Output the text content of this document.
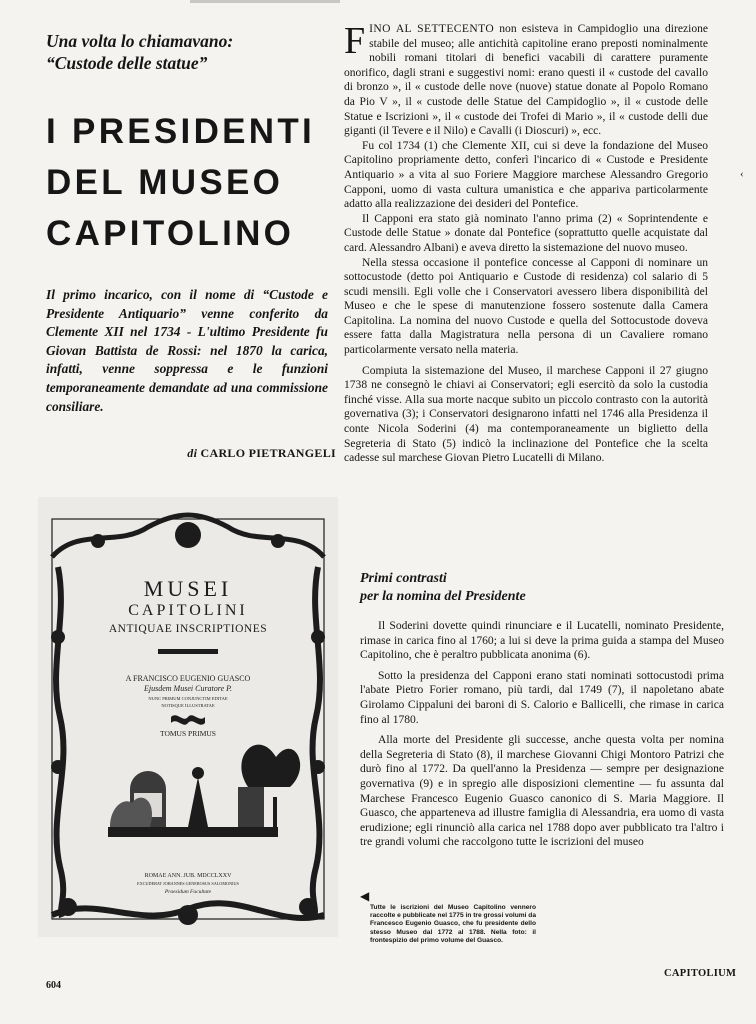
Una volta lo chiamavano:
“Custode delle statue”
I PRESIDENTI
DEL MUSEO
CAPITOLINO
Il primo incarico, con il nome di “Custode e Presidente Antiquario” venne conferito da Clemente XII nel 1734 - L'ultimo Presidente fu Giovan Battista de Rossi: nel 1870 la carica, infatti, venne soppressa e le funzioni temporaneamente demandate ad una commissione consiliare.
di CARLO PIETRANGELI
MUSEI
CAPITOLINI
ANTIQUAE INSCRIPTIONES
A FRANCISCO EUGENIO GUASCO
Ejusdem Musei Curatore P.
NUNC PRIMUM CONJUNCTIM EDITAE
NOTISQUE ILLUSTRATAE
TOMUS PRIMUS
ROMAE ANN. JUB. MDCCLXXV
EXCUDEBAT JOHANNES GENEROSUS SALOMONIUS
Praesidum Facultate	◀
Tutte le iscrizioni del Museo Capitolino vennero raccolte e pubblicate nel 1775 in tre grossi volumi da Francesco Eugenio Guasco, che fu presidente dello stesso Museo dal 1772 al 1788. Nella foto: il frontespizio del primo volume del Guasco.

FINO AL SETTECENTO non esisteva in Campidoglio una direzione stabile del museo; alle antichità capitoline erano preposti nominalmente nobili romani titolari di benefici vacabili di carattere puramente onorifico, dagli strani e suggestivi nomi: erano questi il « custode del cavallo di bronzo », il « custode delle nove (nuove) statue donate al Popolo Romano da Pio V », il « custode delle Statue del Campidoglio », il « custode delle Statue e Iscrizioni », il « custode dei Trofei di Mario », il « custode delli due giganti (il Tevere e il Nilo) e Cavalli (i Dioscuri) », ecc.

Fu col 1734 (1) che Clemente XII, cui si deve la fondazione del Museo Capitolino propriamente detto, conferì l'incarico di « Custode e Presidente Antiquario » a vita al suo Foriere Maggiore marchese Alessandro Gregorio Capponi, uomo di vasta cultura umanistica e che appariva particolarmente adatto alla realizzazione dei desideri del Pontefice.

Il Capponi era stato già nominato l'anno prima (2) « Soprintendente e Custode delle Statue » donate dal Pontefice (soprattutto quelle acquistate dal card. Alessandro Albani) e aveva diretto la sistemazione del nuovo museo.

Nella stessa occasione il pontefice concesse al Capponi di nominare un sottocustode (detto poi Antiquario e Custode di residenza) col salario di 5 scudi mensili. Egli volle che i Conservatori avessero libera disponibilità del Museo e che le spese di manutenzione fossero sostenute dalla Camera Capitolina. La nomina del nuovo Custode e quella del Sottocustode doveva essere fatta dalla Magistratura nella persona di un Cavaliere romano particolarmente versato nella materia.

Compiuta la sistemazione del Museo, il marchese Capponi il 27 giugno 1738 ne consegnò le chiavi ai Conservatori; egli esercitò da solo la custodia finché visse. Alla sua morte nacque subito un piccolo contrasto con la autorità governativa (3); i Conservatori designarono infatti nel 1746 alla Presidenza il conte Nicola Soderini (4) ma contemporaneamente un biglietto della Segreteria di Stato (5) indicò la inclinazione del Pontefice che la scelta cadesse sul marchese Giovan Pietro Lucatelli di Milano.

Primi contrasti
per la nomina del Presidente

Il Soderini dovette quindi rinunciare e il Lucatelli, nominato Presidente, rimase in carica fino al 1760; a lui si deve la prima guida a stampa del Museo Capitolino, che è peraltro pubblicata anonima (6).

Sotto la presidenza del Capponi erano stati nominati sottocustodi prima l'abate Pietro Forier romano, più tardi, dal 1749 (7), il napoletano abate Girolamo Cippaluni dei baroni di S. Calorio e Ballicelli, che rimase in carica fino al 1780.

Alla morte del Presidente gli successe, anche questa volta per nomina della Segreteria di Stato (8), il marchese Giovanni Chigi Montoro Patrizi che durò fino al 1772. Da quell'anno la Presidenza — sempre per designazione governativa (9) e in spregio alle disposizioni clementine — fu assunta dal Marchese Francesco Eugenio Guasco canonico di S. Maria Maggiore. Il Guasco, che apparteneva ad illustre famiglia di Alessandria, era uomo di vasta erudizione; egli rinunciò alla carica nel 1788 dopo aver pubblicato tra l'altro i tre grandi volumi che raccolgono tutte le iscrizioni del museo

‹
604
CAPITOLIUM
